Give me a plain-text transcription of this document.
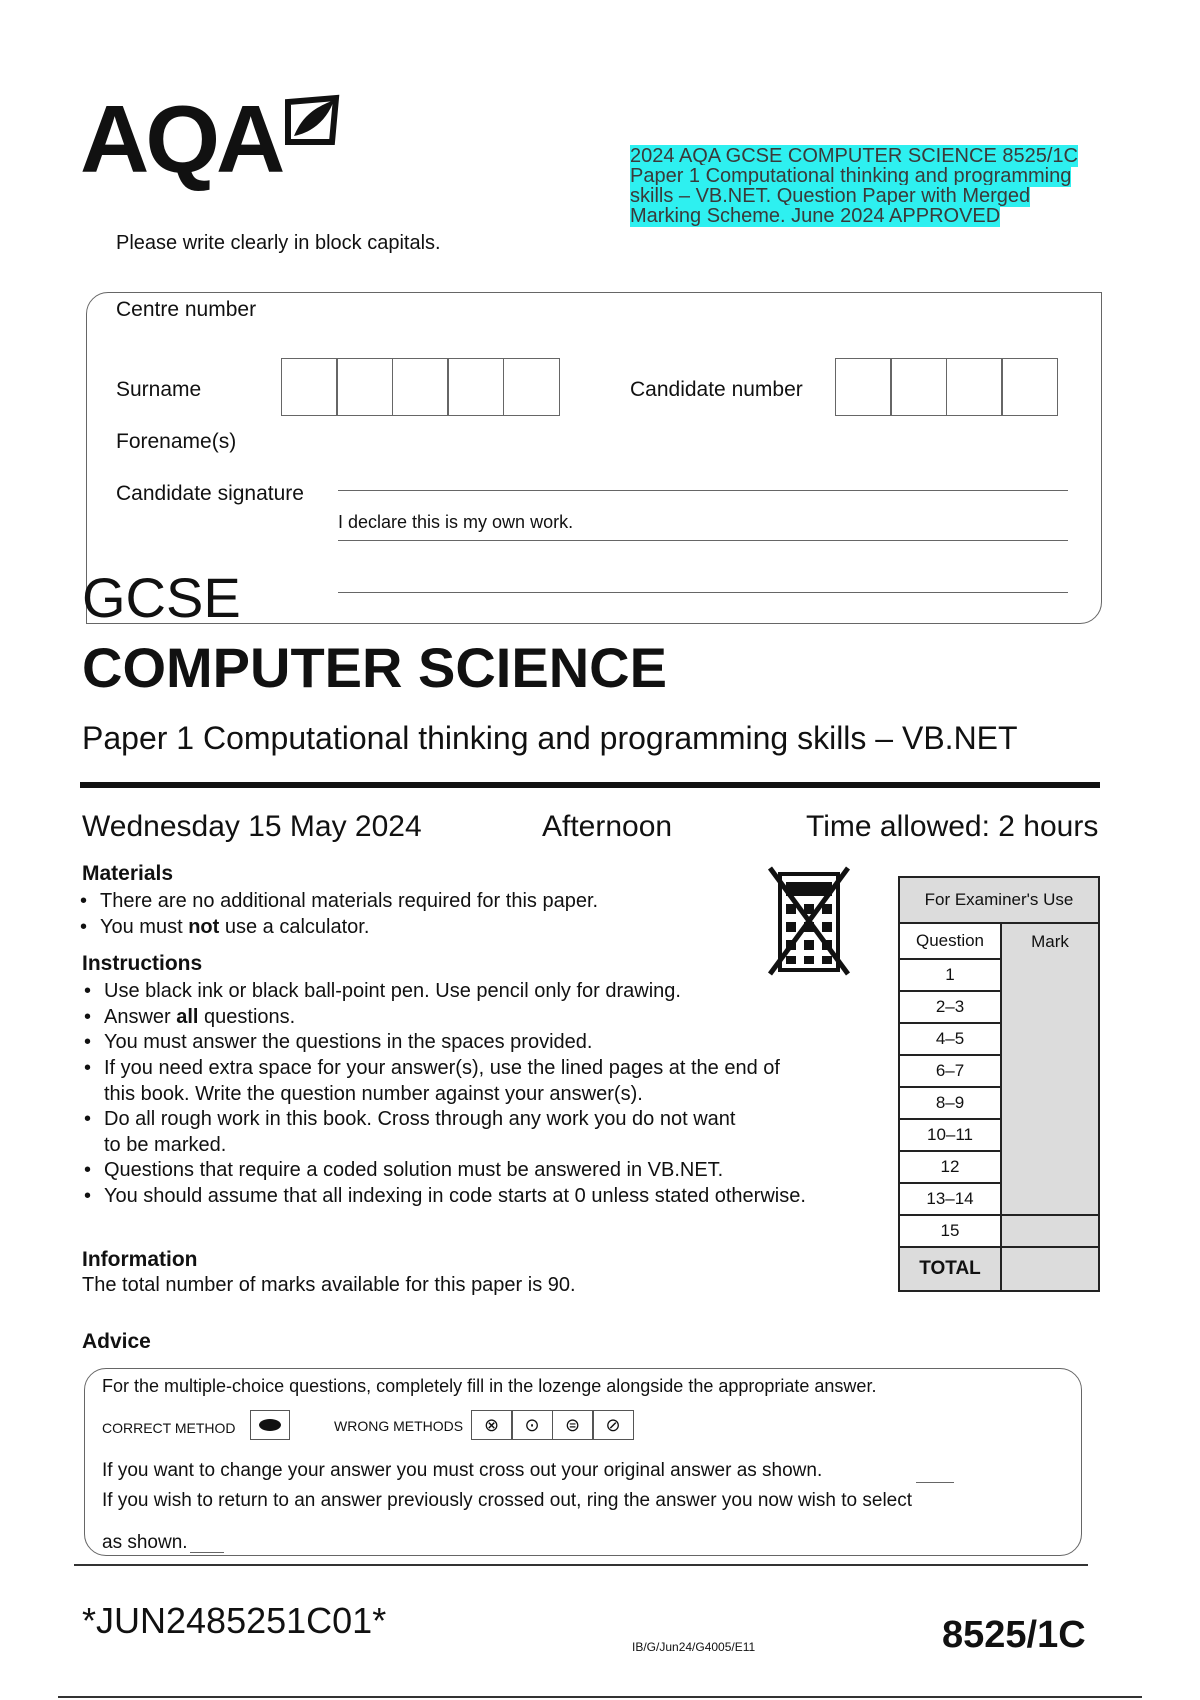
AQA	2024 AQA GCSE COMPUTER SCIENCE 8525/1C Paper 1 Computational thinking and programming skills – VB.NET. Question Paper with Merged Marking Scheme. June 2024 APPROVED
Please write clearly in block capitals.
Centre number
Surname	Candidate number
Forename(s)
Candidate signature
I declare this is my own work.
GCSE
COMPUTER SCIENCE
Paper 1 Computational thinking and programming skills – VB.NET
Wednesday 15 May 2024	Afternoon	Time allowed: 2 hours
Materials
• There are no additional materials required for this paper.
• You must not use a calculator.
Instructions
• Use black ink or black ball-point pen. Use pencil only for drawing.
• Answer all questions.
• You must answer the questions in the spaces provided.
• If you need extra space for your answer(s), use the lined pages at the end of
this book. Write the question number against your answer(s).
• Do all rough work in this book. Cross through any work you do not want
to be marked.
• Questions that require a coded solution must be answered in VB.NET.
• You should assume that all indexing in code starts at 0 unless stated otherwise.
Information
The total number of marks available for this paper is 90.
For Examiner's Use	
Question	Mark
1	
2–3	
4–5	
6–7	
8–9	
10–11	
12	
13–14	
15	
TOTAL	
Advice
For the multiple-choice questions, completely fill in the lozenge alongside the appropriate answer.
CORRECT METHOD	WRONG METHODS	⊗	⊙	⊜	⊘
If you want to change your answer you must cross out your original answer as shown.
If you wish to return to an answer previously crossed out, ring the answer you now wish to select
as shown.
*JUN2485251C01*
IB/G/Jun24/G4005/E11	8525/1C
